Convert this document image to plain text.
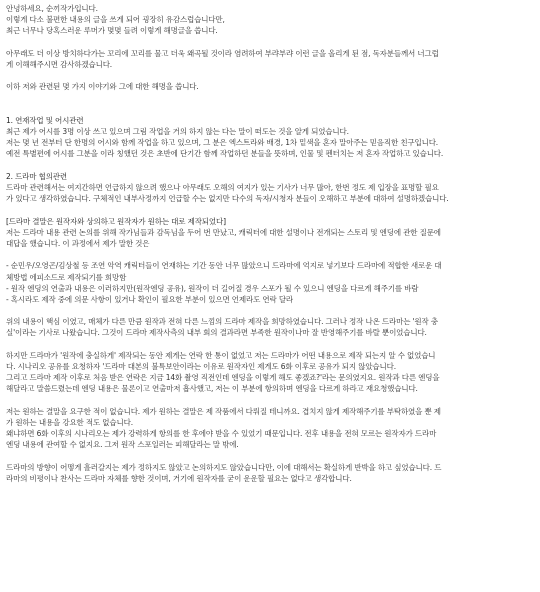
안녕하세요, 순끼작가입니다.
이렇게 다소 불편한 내용의 글을 쓰게 되어 굉장히 유감스럽습니다만,
최근 너무나 당혹스러운 루머가 몇몇 들려 이렇게 해명글을 씁니다.
아무래도 더 이상 방치하다가는 꼬리에 꼬리를 물고 더욱 왜곡될 것이라 염려하여 부랴부랴 이런 글을 올리게 된 점, 독자분들께서 너그럽
게 이해해주시면 감사하겠습니다.
이하 저와 관련된 몇 가지 이야기와 그에 대한 해명을 씁니다.
1. 연재작업 및 어시관련
최근 제가 어시를 3명 이상 쓰고 있으며 그림 작업을 거의 하지 않는 다는 말이 떠도는 것을 알게 되었습니다.
저는 몇 년 전부터 단 한명의 어시와 함께 작업을 하고 있으며, 그 분은 엑스트라와 배경, 1차 밑색을 혼자 말아주는 믿음직한 친구입니다.
예전 특별편에 어시를 그분을 이라 칭했던 것은 초반에 단기간 함께 작업하던 분들을 뜻하며, 인물 및 펜터치는 저 혼자 작업하고 있습니다.
2. 드라마 협의관련
드라마 관련해서는 여지간하면 언급하지 않으려 했으나 아무래도 오해의 여지가 있는 기사가 너무 많아, 한번 정도 제 입장을 표명할 필요
가 있다고 생각하였습니다. 구체적인 내부사정까지 언급할 수는 없지만 다수의 독자/시청자 분들이 오해하고 부분에 대하여 설명하겠습니다.
[드라마 결말은 원작자와 상의하고 원작자가 원하는 대로 제작되었다]
저는 드라마 내용 관련 논의를 위해 작가님들과 감독님을 두어 번 만났고, 캐릭터에 대한 설명이나 전개되는 스토리 및 엔딩에 관한 질문에
대답을 했습니다. 이 과정에서 제가 말한 것은
- 순민우/오영곤/김상철 등 조연 악역 캐릭터들이 연재하는 기간 동안 너무 많았으니 드라마에 억지로 넣기보다 드라마에 적합한 새로운 대
체방법 에피소드로 제작되기를 희망함
- 원작 엔딩의 연출과 내용은 이러하지만(원작엔딩 공유), 원작이 더 길어질 경우 스포가 될 수 있으니 엔딩을 다르게 해주기를 바람
- 혹시라도 제작 중에 의문 사항이 있거나 확인이 필요한 부분이 있으면 언제라도 연락 달라
위의 내용이 핵심 이였고, 매체가 다른 만큼 원작과 전혀 다른 느낌의 드라마 제작을 희망하였습니다. 그러나 정작 나온 드라마는 '원작 충
실'이라는 기사로 나왔습니다. 그것이 드라마 제작사측의 내부 회의 결과라면 부족한 원작이나마 잘 반영해주기를 바랄 뿐이었습니다.
하지만 드라마가 '원작에 충실하게' 제작되는 동안 제게는 연락 한 통이 없었고 저는 드라마가 어떤 내용으로 제작 되는지 알 수 없었습니
다. 시나리오 공유를 요청하자 '드라마 대본의 불특보안이라는 이유로 원작자인 제게도 6화 이후로 공유가 되지 않았습니다.
그리고 드라마 제작 이후로 처음 받은 연락은 지금 14화 촬영 직전인데 엔딩을 이렇게 해도 좋겠죠?'라는 문의였지요. 원작과 다른 엔딩을
해달라고 말씀드렸는데 엔딩 내용은 물론이고 연출마저 흡사했고, 저는 이 부분에 항의하며 엔딩을 다르게 하라고 재요청했습니다.
저는 원하는 결말을 요구한 적이 없습니다. 제가 원하는 결말은 제 작품에서 다뤄질 테니까요. 겹치지 않게 제작해주기를 부탁하였을 뿐 제
가 원하는 내용을 강요한 적도 없습니다.
왜냐하면 6화 이후의 시나리오는 제가 강력하게 항의를 한 후에야 받을 수 있었기 때문입니다. 전후 내용을 전혀 모르는 원작자가 드라마
엔딩 내용에 관여할 수 없지요. 그저 원작 스포일러는 피해달라는 말 밖에.
드라마의 방향이 어떻게 흘러갈지는 제가 정하지도 않았고 논의하지도 않았습니다만, 이에 대해서는 확실하게 반박을 하고 싶었습니다. 드
라마의 비평이나 찬사는 드라마 자체를 향한 것이며, 거기에 원작자를 굳이 운운할 필요는 없다고 생각합니다.
